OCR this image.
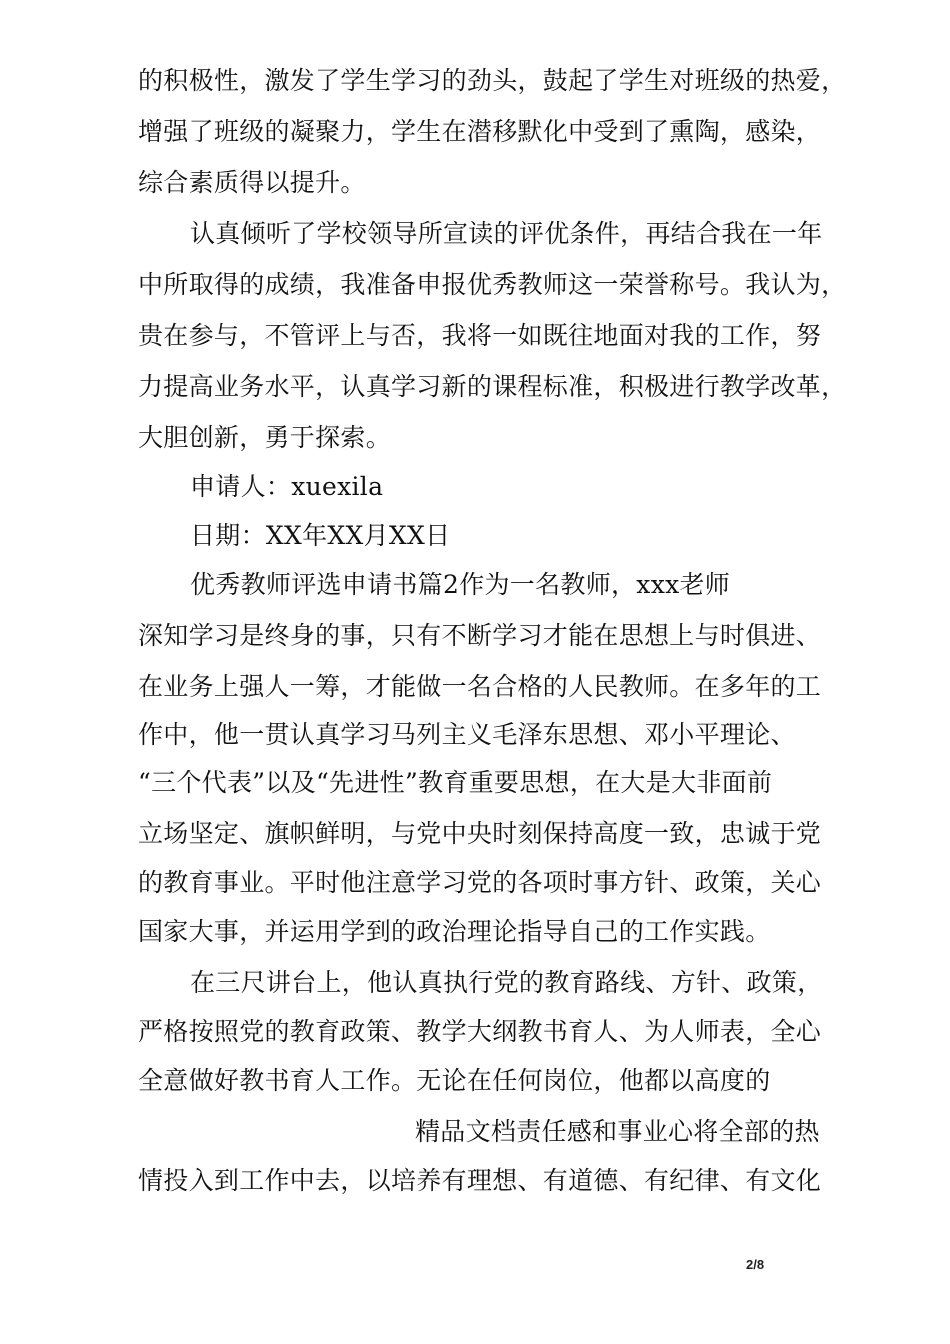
的积极性，激发了学生学习的劲头，鼓起了学生对班级的热爱，
增强了班级的凝聚力，学生在潜移默化中受到了熏陶，感染，
综合素质得以提升。
认真倾听了学校领导所宣读的评优条件，再结合我在一年
中所取得的成绩，我准备申报优秀教师这一荣誉称号。我认为，
贵在参与，不管评上与否，我将一如既往地面对我的工作，努
力提高业务水平，认真学习新的课程标准，积极进行教学改革，
大胆创新，勇于探索。
申请人：xuexila
日期：XX年XX月XX日
优秀教师评选申请书篇2作为一名教师，xxx老师
深知学习是终身的事，只有不断学习才能在思想上与时俱进、
在业务上强人一筹，才能做一名合格的人民教师。在多年的工
作中，他一贯认真学习马列主义毛泽东思想、邓小平理论、
“三个代表”以及“先进性”教育重要思想，在大是大非面前
立场坚定、旗帜鲜明，与党中央时刻保持高度一致，忠诚于党
的教育事业。平时他注意学习党的各项时事方针、政策，关心
国家大事，并运用学到的政治理论指导自己的工作实践。
在三尺讲台上，他认真执行党的教育路线、方针、政策，
严格按照党的教育政策、教学大纲教书育人、为人师表，全心
全意做好教书育人工作。无论在任何岗位，他都以高度的
精品文档责任感和事业心将全部的热
情投入到工作中去，以培养有理想、有道德、有纪律、有文化
2/8
